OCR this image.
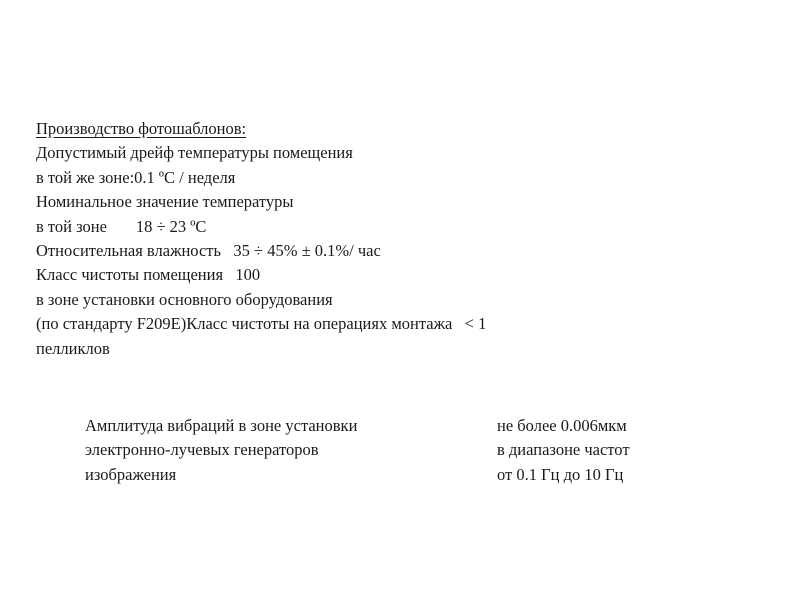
Производство фотошаблонов:
Допустимый дрейф температуры помещения
в той же зоне:0.1 ºС / неделя
Номинальное значение температуры
в той зоне       18 ÷ 23 ºС
Относительная влажность   35 ÷ 45% ± 0.1%/ час
Класс чистоты помещения   100
в зоне установки основного оборудования
(по стандарту F209E)Класс чистоты на операциях монтажа   < 1
пелликлов
Амплитуда вибраций в зоне установки	не более 0.006мкм
электронно-лучевых генераторов	в диапазоне частот
изображения	от 0.1 Гц до 10 Гц
